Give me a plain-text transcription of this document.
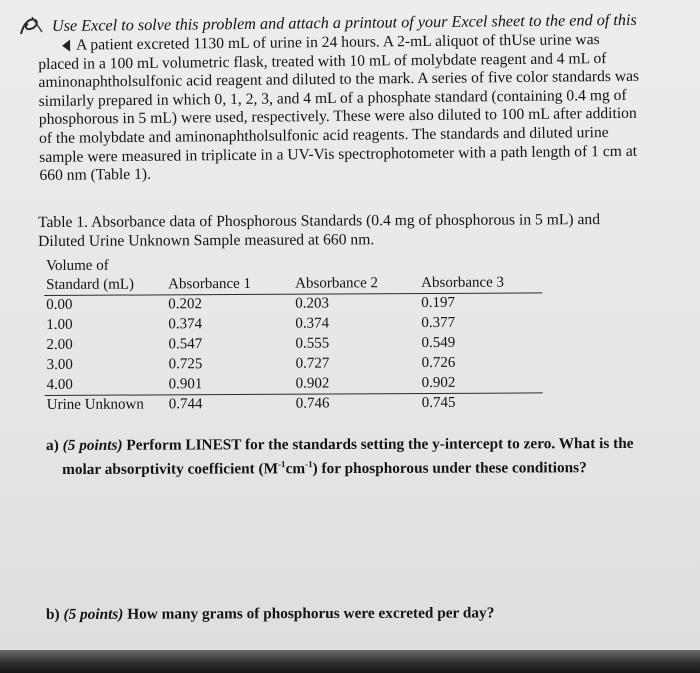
Use Excel to solve this problem and attach a printout of your Excel sheet to the end of this

A patient excreted 1130 mL of urine in 24 hours. A 2-mL aliquot of thUse urine was
placed in a 100 mL volumetric flask, treated with 10 mL of molybdate reagent and 4 mL of
aminonaphtholsulfonic acid reagent and diluted to the mark. A series of five color standards was
similarly prepared in which 0, 1, 2, 3, and 4 mL of a phosphate standard (containing 0.4 mg of
phosphorous in 5 mL) were used, respectively. These were also diluted to 100 mL after addition
of the molybdate and aminonaphtholsulfonic acid reagents. The standards and diluted urine
sample were measured in triplicate in a UV-Vis spectrophotometer with a path length of 1 cm at
660 nm (Table 1).
Table 1. Absorbance data of Phosphorous Standards (0.4 mg of phosphorous in 5 mL) and
Diluted Urine Unknown Sample measured at 660 nm.
Volume of
Standard (mL) Absorbance 1	Absorbance 2	Absorbance 3
0.00	0.202	0.203	0.197
1.00	0.374	0.374	0.377
2.00	0.547	0.555	0.549
3.00	0.725	0.727	0.726
4.00	0.901	0.902	0.902
Urine Unknown 0.744	0.746	0.745
a) (5 points) Perform LINEST for the standards setting the y-intercept to zero. What is the
molar absorptivity coefficient $(M^{-1}cm^{-1})$ for phosphorous under these conditions?
b) (5 points) How many grams of phosphorus were excreted per day?
